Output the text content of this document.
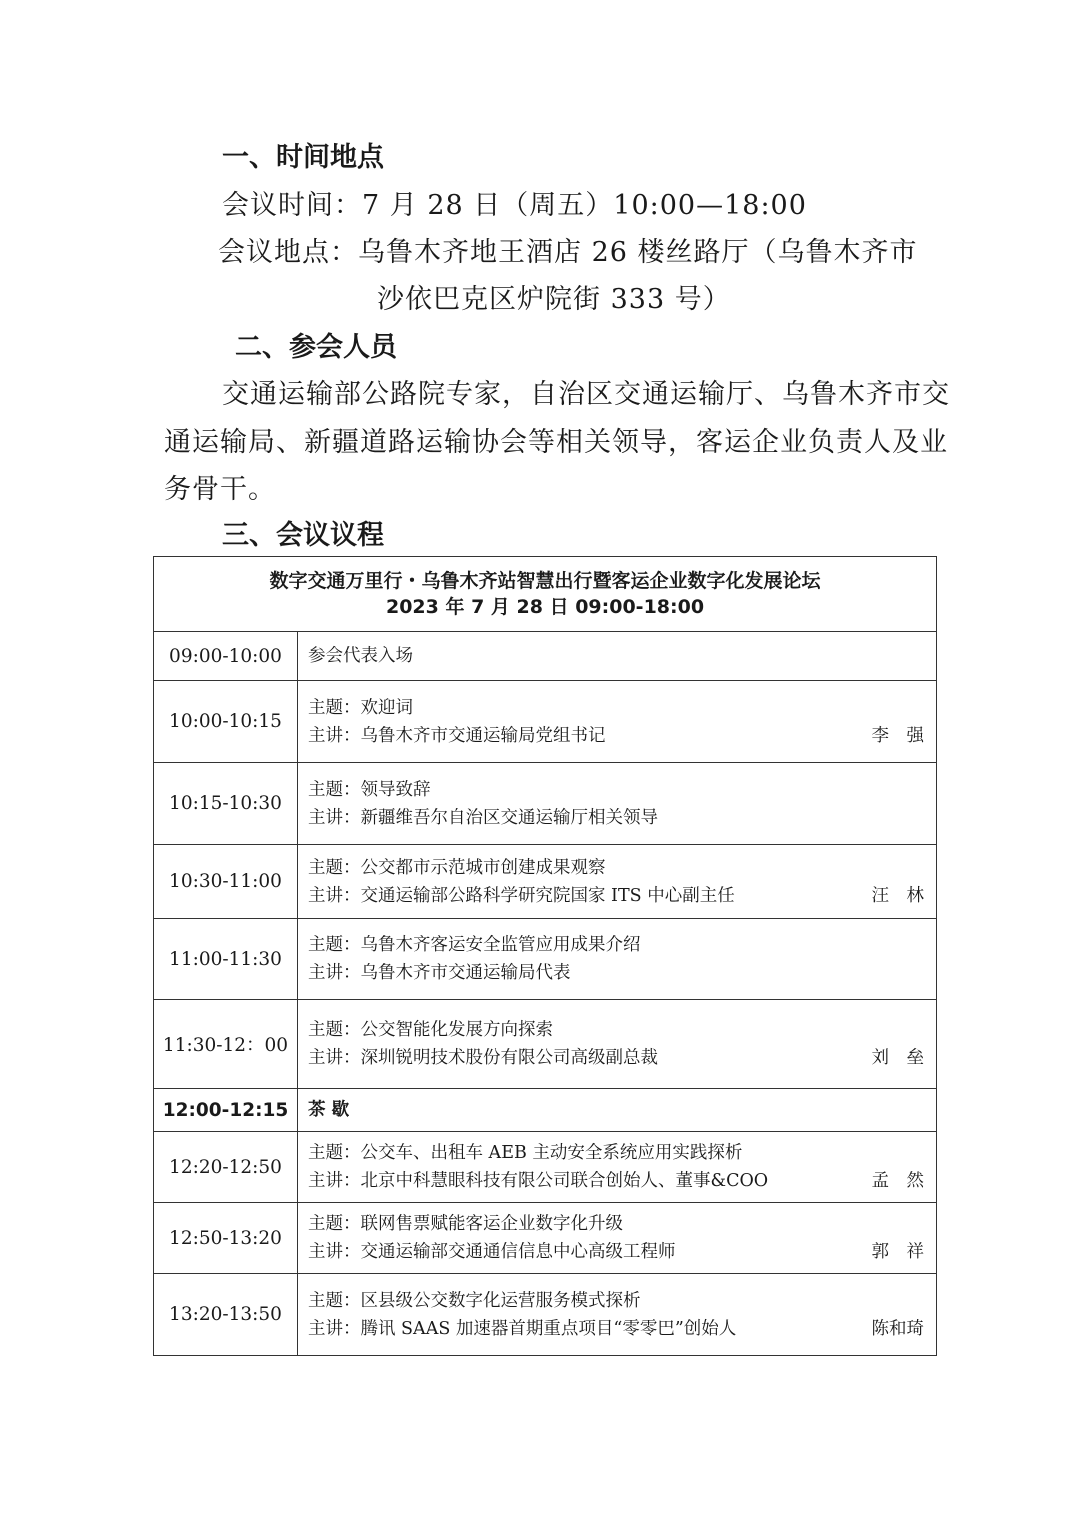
一、时间地点
会议时间：7 月 28 日（周五）10:00—18:00
会议地点：乌鲁木齐地王酒店 26 楼丝路厅（乌鲁木齐市
沙依巴克区炉院街 333 号）
二、参会人员
交通运输部公路院专家，自治区交通运输厅、乌鲁木齐市交
通运输局、新疆道路运输协会等相关领导，客运企业负责人及业
务骨干。
三、会议议程
数字交通万里行・乌鲁木齐站智慧出行暨客运企业数字化发展论坛
2023 年 7 月 28 日 09:00-18:00	

09:00-10:00	参会代表入场

10:00-10:15	主题：欢迎词
主讲：乌鲁木齐市交通运输局党组书记 李　强

10:15-10:30	主题：领导致辞
主讲：新疆维吾尔自治区交通运输厅相关领导

10:30-11:00	主题：公交都市示范城市创建成果观察
主讲：交通运输部公路科学研究院国家 ITS 中心副主任 汪　林

11:00-11:30	主题：乌鲁木齐客运安全监管应用成果介绍
主讲：乌鲁木齐市交通运输局代表

11:30-12：00	主题：公交智能化发展方向探索
主讲：深圳锐明技术股份有限公司高级副总裁 刘　垒

12:00-12:15	茶 歇

12:20-12:50	主题：公交车、出租车 AEB 主动安全系统应用实践探析
主讲：北京中科慧眼科技有限公司联合创始人、董事&COO 孟　然

12:50-13:20	主题：联网售票赋能客运企业数字化升级
主讲：交通运输部交通通信信息中心高级工程师 郭　祥

13:20-13:50	主题：区县级公交数字化运营服务模式探析
主讲：腾讯 SAAS 加速器首期重点项目“零零巴”创始人 陈和琦
